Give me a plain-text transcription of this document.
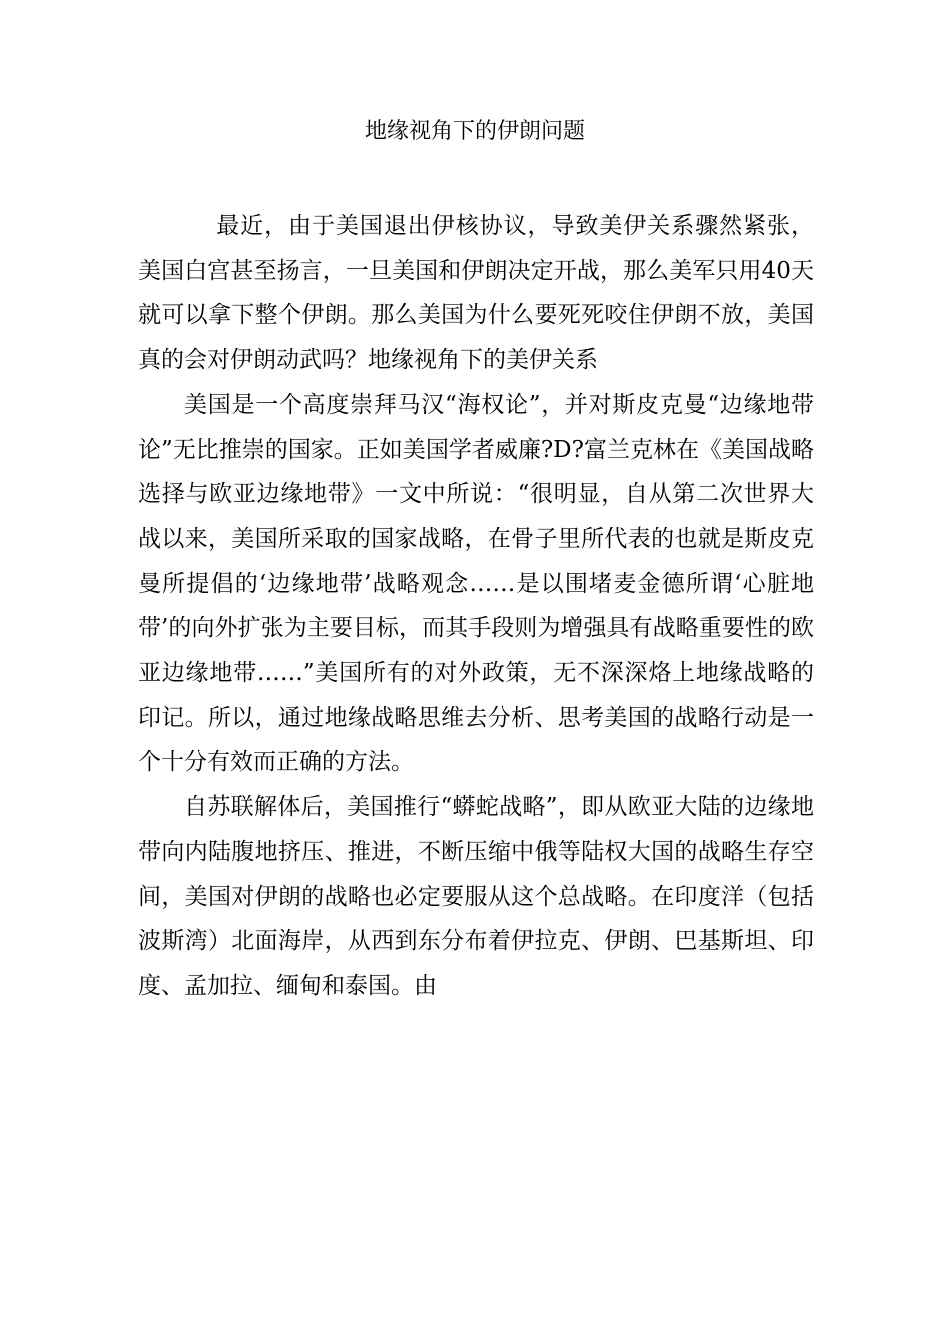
地缘视角下的伊朗问题

最近，由于美国退出伊核协议，导致美伊关系骤然紧张，美国白宫甚至扬言，一旦美国和伊朗决定开战，那么美军只用40天就可以拿下整个伊朗。那么美国为什么要死死咬住伊朗不放，美国真的会对伊朗动武吗？地缘视角下的美伊关系

美国是一个高度崇拜马汉“海权论”，并对斯皮克曼“边缘地带论”无比推崇的国家。正如美国学者威廉?D?富兰克林在《美国战略选择与欧亚边缘地带》一文中所说：“很明显，自从第二次世界大战以来，美国所采取的国家战略，在骨子里所代表的也就是斯皮克曼所提倡的‘边缘地带’战略观念……是以围堵麦金德所谓‘心脏地带’的向外扩张为主要目标，而其手段则为增强具有战略重要性的欧亚边缘地带……”美国所有的对外政策，无不深深烙上地缘战略的印记。所以，通过地缘战略思维去分析、思考美国的战略行动是一个十分有效而正确的方法。

自苏联解体后，美国推行“蟒蛇战略”，即从欧亚大陆的边缘地带向内陆腹地挤压、推进，不断压缩中俄等陆权大国的战略生存空间，美国对伊朗的战略也必定要服从这个总战略。在印度洋（包括波斯湾）北面海岸，从西到东分布着伊拉克、伊朗、巴基斯坦、印度、孟加拉、缅甸和泰国。由
